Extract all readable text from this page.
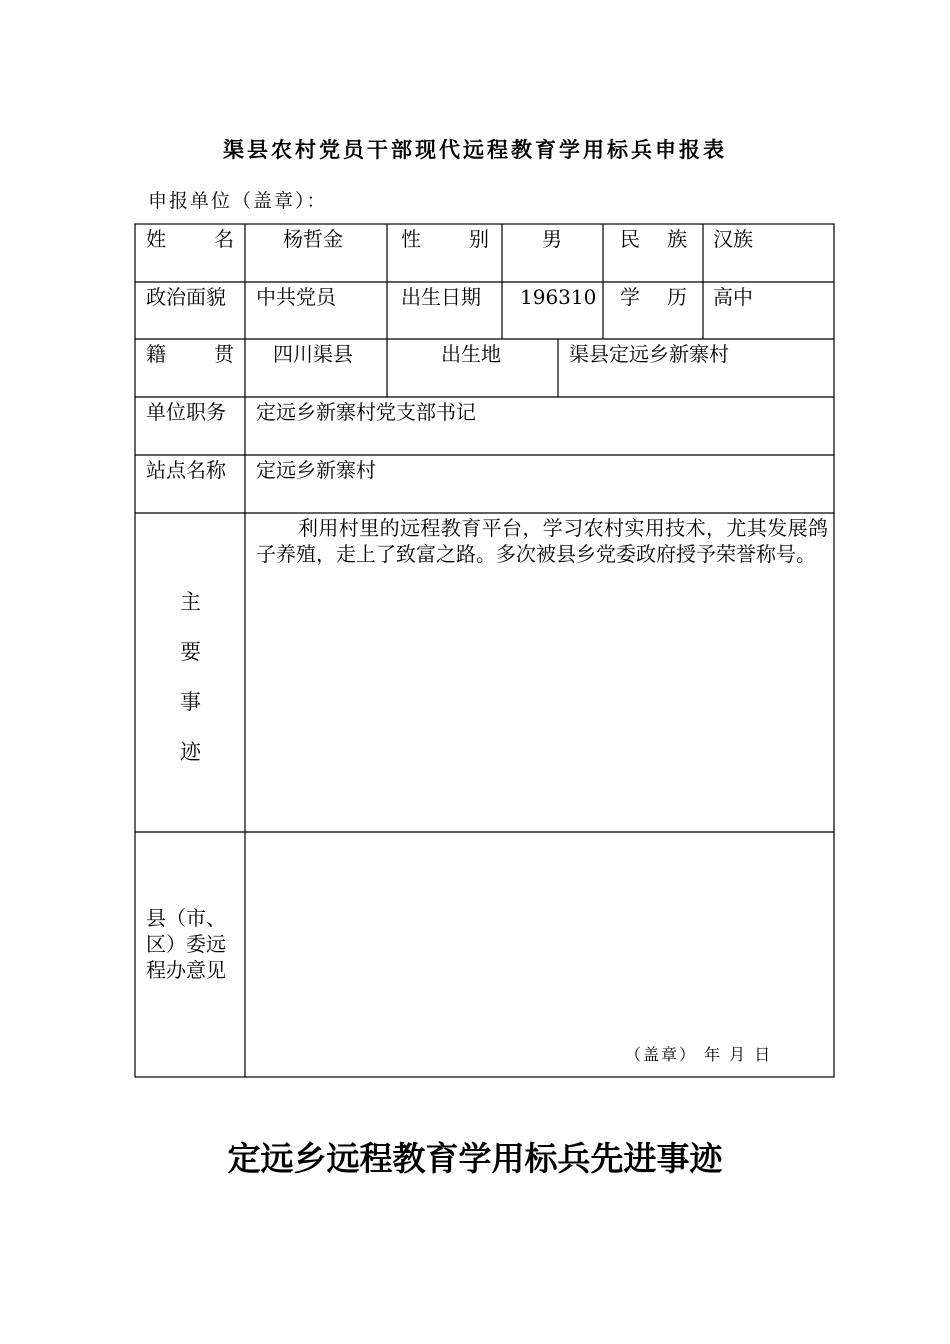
渠县农村党员干部现代远程教育学用标兵申报表
申报单位（盖章）：
姓 名 杨哲金	性 别	男	民 族 汉族
政治面貌 中共党员	出生日期 196310 学 历 高中
籍 贯 四川渠县	出生地	渠县定远乡新寨村
单位职务 定远乡新寨村党支部书记
站点名称 定远乡新寨村
主
要
事
迹
利用村里的远程教育平台，学习农村实用技术，尤其发展鸽子养殖，走上了致富之路。多次被县乡党委政府授予荣誉称号。
县（市、区）委远程办意见
（盖章） 年 月 日
定远乡远程教育学用标兵先进事迹
